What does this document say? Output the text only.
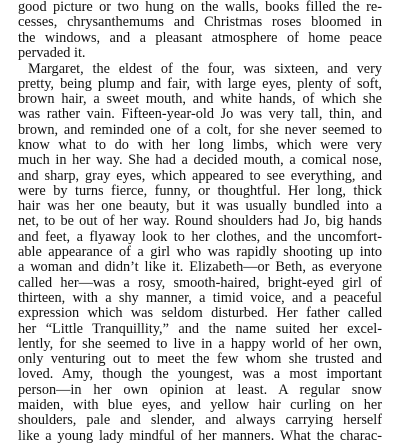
good picture or two hung on the walls, books filled the re-
cesses, chrysanthemums and Christmas roses bloomed in
the windows, and a pleasant atmosphere of home peace
pervaded it.
Margaret, the eldest of the four, was sixteen, and very
pretty, being plump and fair, with large eyes, plenty of soft,
brown hair, a sweet mouth, and white hands, of which she
was rather vain. Fifteen-year-old Jo was very tall, thin, and
brown, and reminded one of a colt, for she never seemed to
know what to do with her long limbs, which were very
much in her way. She had a decided mouth, a comical nose,
and sharp, gray eyes, which appeared to see everything, and
were by turns fierce, funny, or thoughtful. Her long, thick
hair was her one beauty, but it was usually bundled into a
net, to be out of her way. Round shoulders had Jo, big hands
and feet, a flyaway look to her clothes, and the uncomfort-
able appearance of a girl who was rapidly shooting up into
a woman and didn’t like it. Elizabeth—or Beth, as everyone
called her—was a rosy, smooth-haired, bright-eyed girl of
thirteen, with a shy manner, a timid voice, and a peaceful
expression which was seldom disturbed. Her father called
her “Little Tranquillity,” and the name suited her excel-
lently, for she seemed to live in a happy world of her own,
only venturing out to meet the few whom she trusted and
loved. Amy, though the youngest, was a most important
person—in her own opinion at least. A regular snow
maiden, with blue eyes, and yellow hair curling on her
shoulders, pale and slender, and always carrying herself
like a young lady mindful of her manners. What the charac-
